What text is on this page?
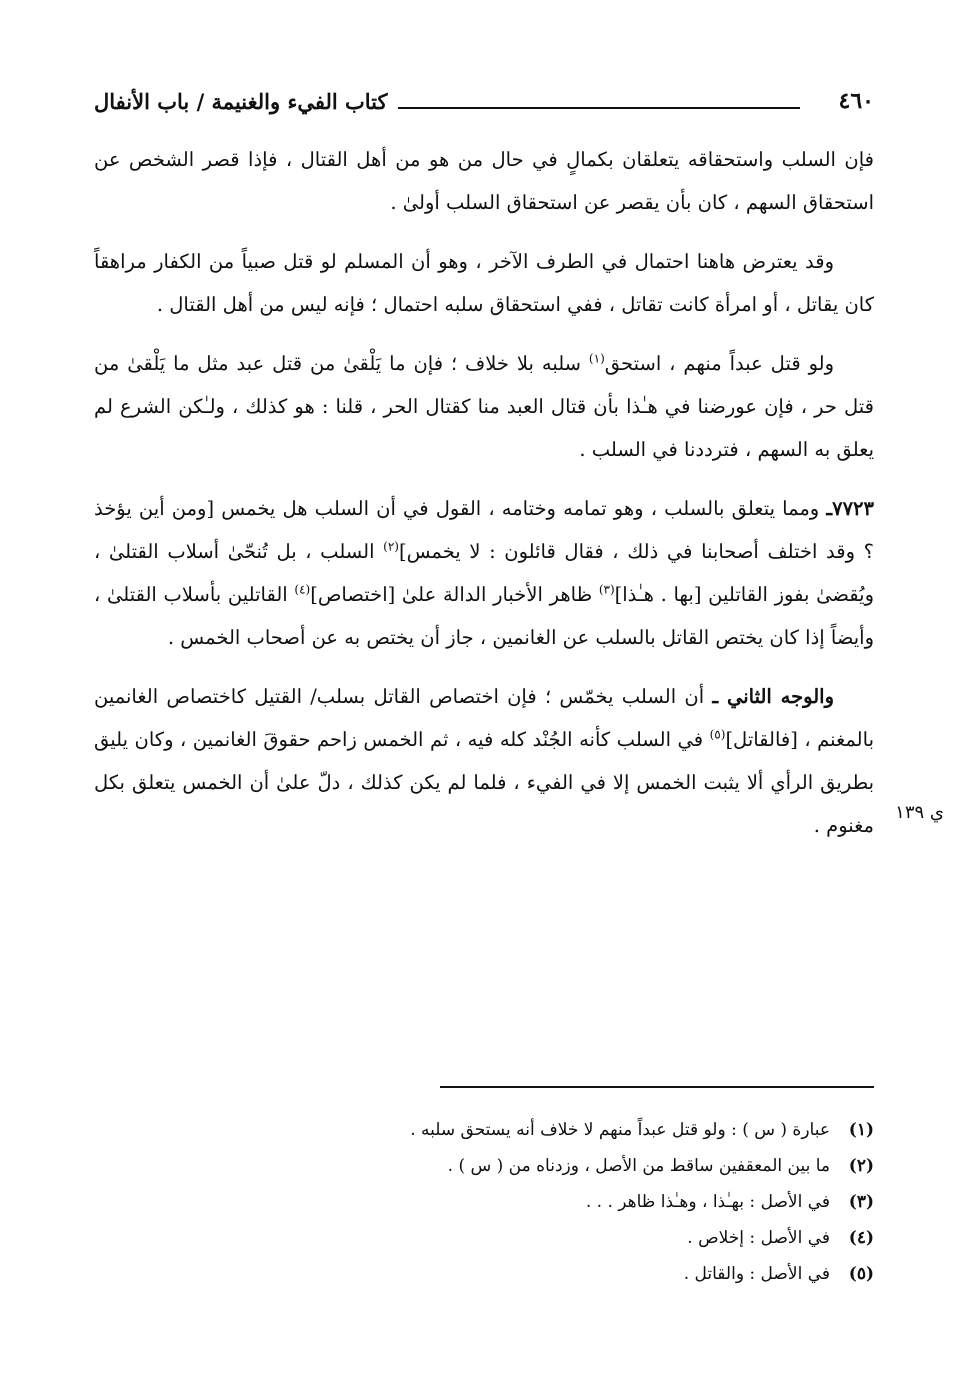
٤٦٠
كتاب الفيء والغنيمة / باب الأنفال
ي ١٣٩

فإن السلب واستحقاقه يتعلقان بكمالٍ في حال من هو من أهل القتال ، فإذا قصر الشخص عن استحقاق السهم ، كان بأن يقصر عن استحقاق السلب أولىٰ .

وقد يعترض هاهنا احتمال في الطرف الآخر ، وهو أن المسلم لو قتل صبياً من الكفار مراهقاً كان يقاتل ، أو امرأة كانت تقاتل ، ففي استحقاق سلبه احتمال ؛ فإنه ليس من أهل القتال .

ولو قتل عبداً منهم ، استحق$^{(١)}$ سلبه بلا خلاف ؛ فإن ما يَلْقىٰ من قتل عبد مثل ما يَلْقىٰ من قتل حر ، فإن عورضنا في هـٰذا بأن قتال العبد منا كقتال الحر ، قلنا : هو كذلك ، ولـٰكن الشرع لم يعلق به السهم ، فترددنا في السلب .

٧٧٢٣ـ ومما يتعلق بالسلب ، وهو تمامه وختامه ، القول في أن السلب هل يخمس [ومن أين يؤخذ ؟ وقد اختلف أصحابنا في ذلك ، فقال قائلون : لا يخمس]$^{(٢)}$ السلب ، بل تُنحّىٰ أسلاب القتلىٰ ، ويُقضىٰ بفوز القاتلين [بها . هـٰذا]$^{(٣)}$ ظاهر الأخبار الدالة علىٰ [اختصاص]$^{(٤)}$ القاتلين بأسلاب القتلىٰ ، وأيضاً إذا كان يختص القاتل بالسلب عن الغانمين ، جاز أن يختص به عن أصحاب الخمس .

والوجه الثاني ـ أن السلب يخمّس ؛ فإن اختصاص القاتل بسلب/ القتيل كاختصاص الغانمين بالمغنم ، [فالقاتل]$^{(٥)}$ في السلب كأنه الجُنْد كله فيه ، ثم الخمس زاحم حقوقَ الغانمين ، وكان يليق بطريق الرأي ألا يثبت الخمس إلا في الفيء ، فلما لم يكن كذلك ، دلّ علىٰ أن الخمس يتعلق بكل مغنوم .

(١)
عبارة ( س ) : ولو قتل عبداً منهم لا خلاف أنه يستحق سلبه .
(٢)
ما بين المعقفين ساقط من الأصل ، وزدناه من ( س ) .
(٣)
في الأصل : بهـٰذا ، وهـٰذا ظاهر . . .
(٤)
في الأصل : إخلاص .
(٥)
في الأصل : والقاتل .
